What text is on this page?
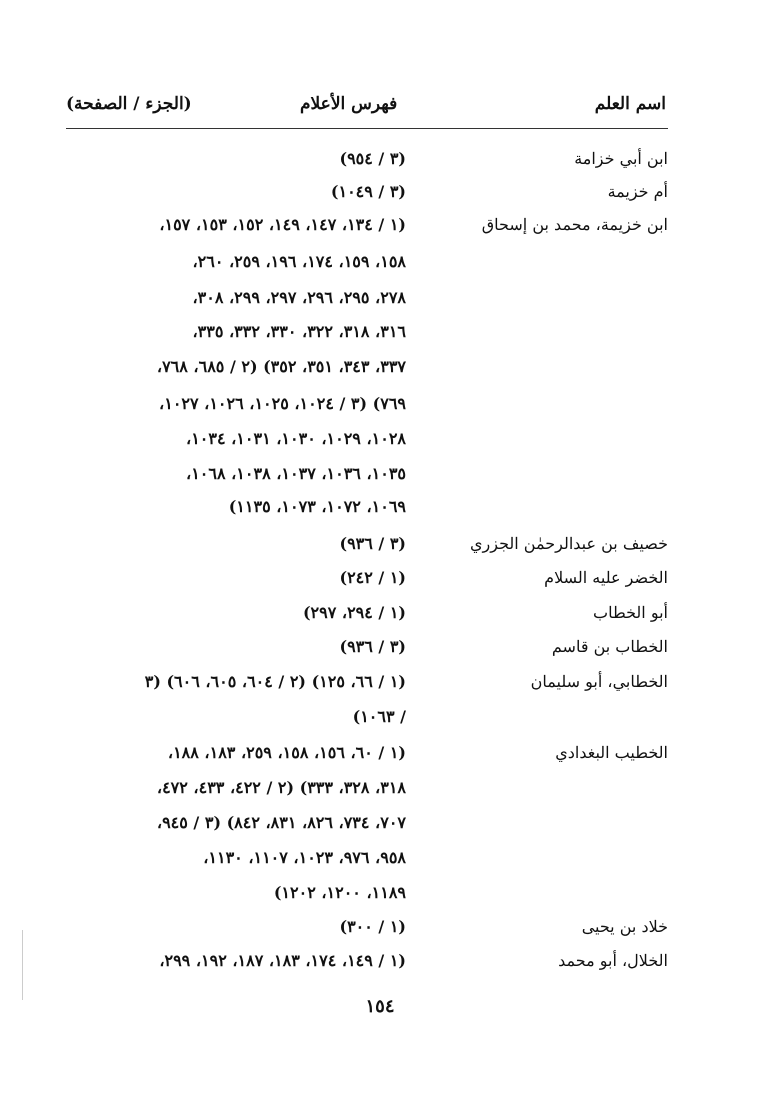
اسم العلم
فهرس الأعلام
(الجزء / الصفحة)
ابن أبي خزامة
(٣ / ٩٥٤)
أم خزيمة
(٣ / ١٠٤٩)
ابن خزيمة، محمد بن إسحاق
(١ / ١٣٤، ١٤٧، ١٤٩، ١٥٢، ١٥٣، ١٥٧،
١٥٨، ١٥٩، ١٧٤، ١٩٦، ٢٥٩، ٢٦٠،
٢٧٨، ٢٩٥، ٢٩٦، ٢٩٧، ٢٩٩، ٣٠٨،
٣١٦، ٣١٨، ٣٢٢، ٣٣٠، ٣٣٢، ٣٣٥،
٣٣٧، ٣٤٣، ٣٥١، ٣٥٢) (٢ / ٦٨٥، ٧٦٨،
٧٦٩) (٣ / ١٠٢٤، ١٠٢٥، ١٠٢٦، ١٠٢٧،
١٠٢٨، ١٠٢٩، ١٠٣٠، ١٠٣١، ١٠٣٤،
١٠٣٥، ١٠٣٦، ١٠٣٧، ١٠٣٨، ١٠٦٨،
١٠٦٩، ١٠٧٢، ١٠٧٣، ١١٣٥)
خصيف بن عبدالرحمٰن الجزري
(٣ / ٩٣٦)
الخضر عليه السلام
(١ / ٢٤٢)
أبو الخطاب
(١ / ٢٩٤، ٢٩٧)
الخطاب بن قاسم
(٣ / ٩٣٦)
الخطابي، أبو سليمان
(١ / ٦٦، ١٢٥) (٢ / ٦٠٤، ٦٠٥، ٦٠٦) (٣
/ ١٠٦٣)
الخطيب البغدادي
(١ / ٦٠، ١٥٦، ١٥٨، ٢٥٩، ١٨٣، ١٨٨،
٣١٨، ٣٢٨، ٣٣٣) (٢ / ٤٢٢، ٤٣٣، ٤٧٢،
٧٠٧، ٧٣٤، ٨٢٦، ٨٣١، ٨٤٢) (٣ / ٩٤٥،
٩٥٨، ٩٧٦، ١٠٢٣، ١١٠٧، ١١٣٠،
١١٨٩، ١٢٠٠، ١٢٠٢)
خلاد بن يحيى
(١ / ٣٠٠)
الخلال، أبو محمد
(١ / ١٤٩، ١٧٤، ١٨٣، ١٨٧، ١٩٢، ٢٩٩،
١٥٤
